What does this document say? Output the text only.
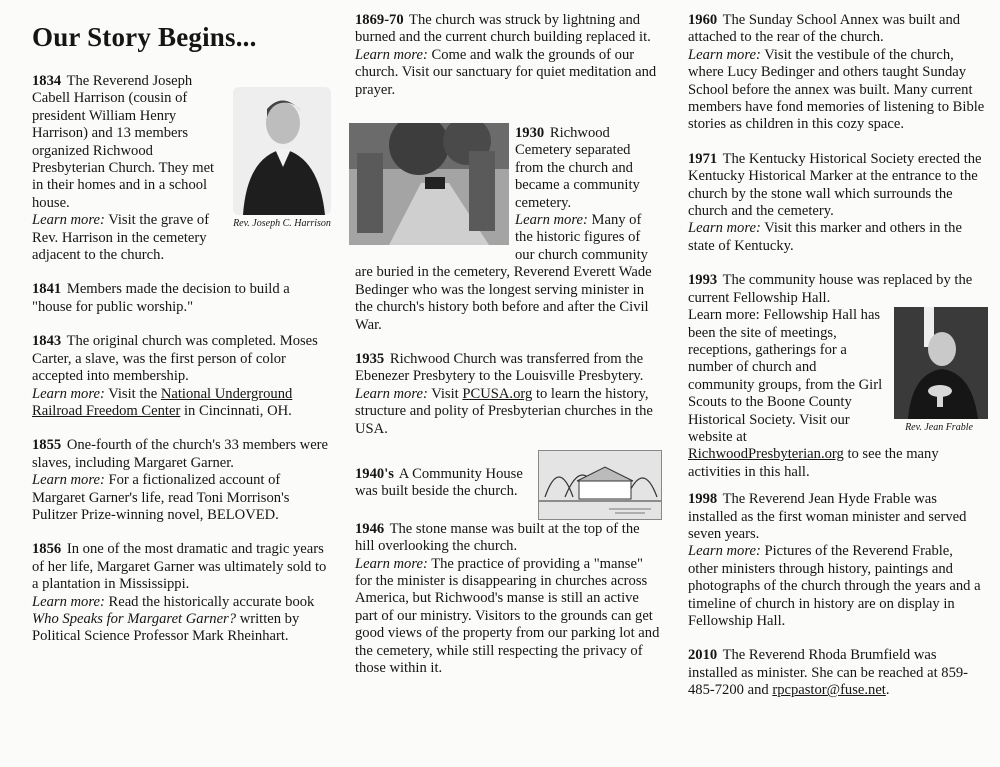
Our Story Begins...
Rev. Joseph C. Harrison
1834 The Reverend Joseph Cabell Harrison (cousin of president William Henry Harrison) and 13 members organized Richwood Presbyterian Church. They met in their homes and in a school house.
Learn more: Visit the grave of Rev. Harrison in the cemetery adjacent to the church.
1841 Members made the decision to build a "house for public worship."
1843 The original church was completed. Moses Carter, a slave, was the first person of color accepted into membership.
Learn more: Visit the National Underground Railroad Freedom Center in Cincinnati, OH.
1855 One-fourth of the church's 33 members were slaves, including Margaret Garner.
Learn more: For a fictionalized account of Margaret Garner's life, read Toni Morrison's Pulitzer Prize-winning novel, BELOVED.
1856 In one of the most dramatic and tragic years of her life, Margaret Garner was ultimately sold to a plantation in Mississippi.
Learn more: Read the historically accurate book Who Speaks for Margaret Garner? written by Political Science Professor Mark Rheinhart.
1869-70 The church was struck by lightning and burned and the current church building replaced it.
Learn more: Come and walk the grounds of our church. Visit our sanctuary for quiet meditation and prayer.
1930 Richwood Cemetery separated from the church and became a community cemetery.
Learn more: Many of the historic figures of our church community are buried in the cemetery, Reverend Everett Wade Bedinger who was the longest serving minister in the church's history both before and after the Civil War.
1935 Richwood Church was transferred from the Ebenezer Presbytery to the Louisville Presbytery.
Learn more: Visit PCUSA.org to learn the history, structure and polity of Presbyterian churches in the USA.
1940's A Community House was built beside the church.
1946 The stone manse was built at the top of the hill overlooking the church.
Learn more: The practice of providing a "manse" for the minister is disappearing in churches across America, but Richwood's manse is still an active part of our ministry. Visitors to the grounds can get good views of the property from our parking lot and the cemetery, while still respecting the privacy of those within it.
1960 The Sunday School Annex was built and attached to the rear of the church.
Learn more: Visit the vestibule of the church, where Lucy Bedinger and others taught Sunday School before the annex was built. Many current members have fond memories of listening to Bible stories as children in this cozy space.
1971 The Kentucky Historical Society erected the Kentucky Historical Marker at the entrance to the church by the stone wall which surrounds the church and the cemetery.
Learn more: Visit this marker and others in the state of Kentucky.
1993 The community house was replaced by the current Fellowship Hall.

Rev. Jean Frable
Learn more: Fellowship Hall has been the site of meetings, receptions, gatherings for a number of church and community groups, from the Girl Scouts to the Boone County Historical Society. Visit our website at RichwoodPresbyterian.org to see the many activities in this hall.
1998 The Reverend Jean Hyde Frable was installed as the first woman minister and served seven years.
Learn more: Pictures of the Reverend Frable, other ministers through history, paintings and photographs of the church through the years and a timeline of church in history are on display in Fellowship Hall.
2010 The Reverend Rhoda Brumfield was installed as minister. She can be reached at 859-485-7200 and rpcpastor@fuse.net.
